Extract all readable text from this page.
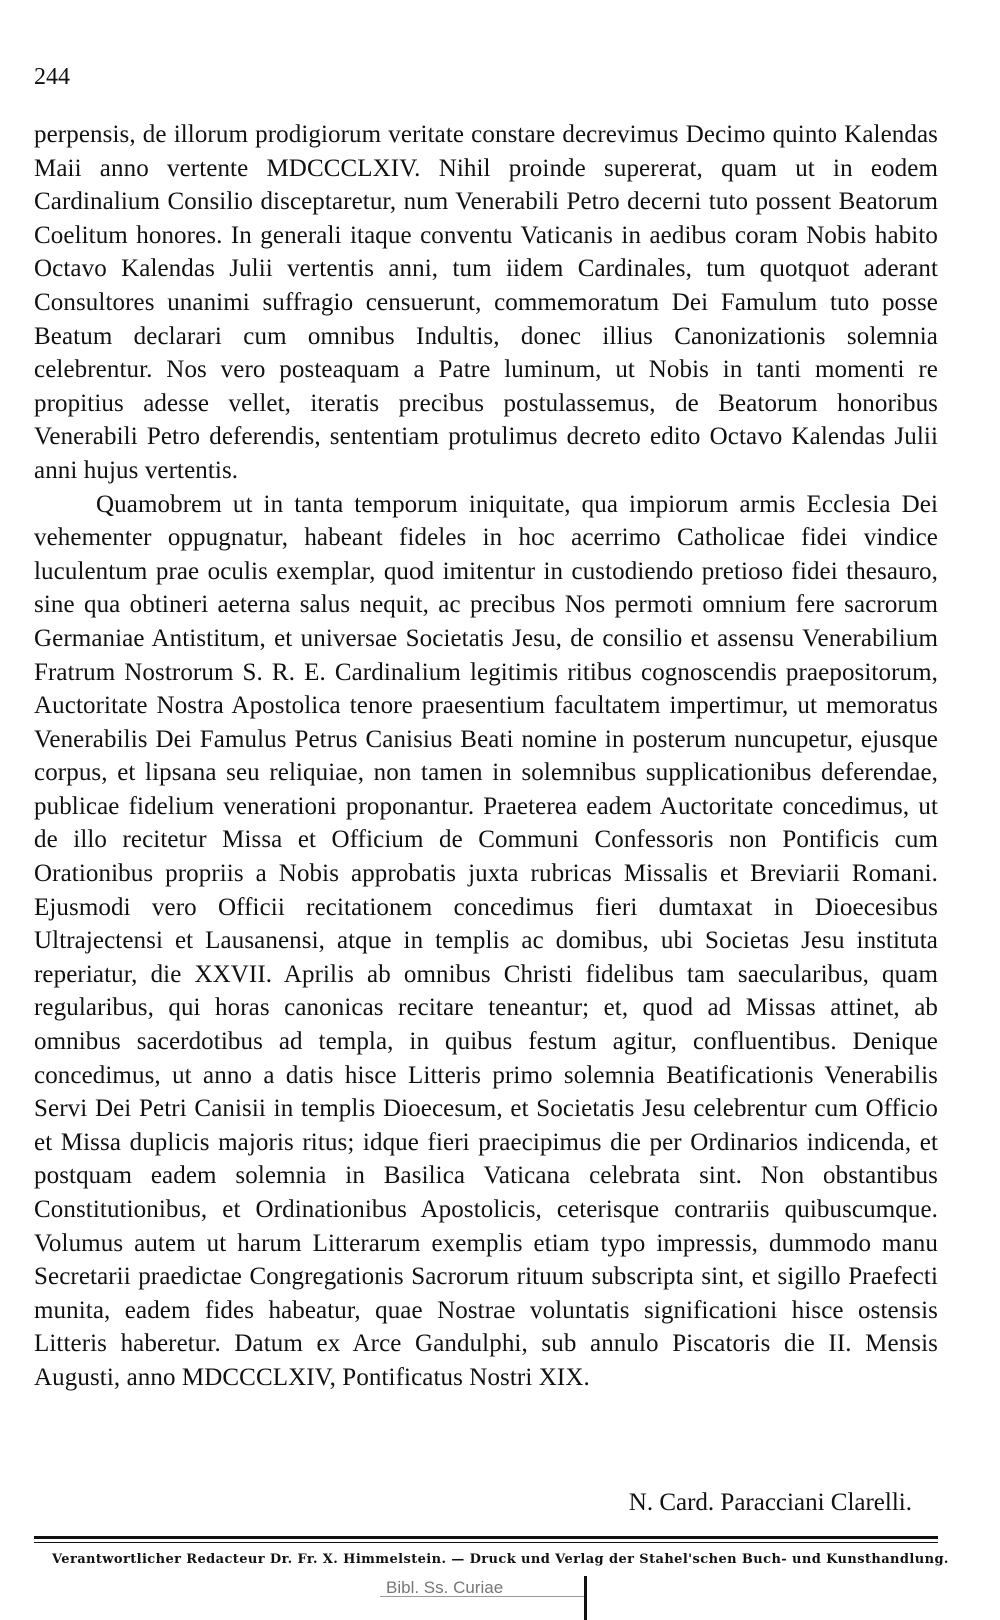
244

perpensis, de illorum prodigiorum veritate constare decrevimus Decimo quinto Kalendas Maii anno vertente MDCCCLXIV. Nihil proinde supererat, quam ut in eodem Cardinalium Consilio disceptaretur, num Venerabili Petro decerni tuto possent Beatorum Coelitum honores. In generali itaque conventu Vaticanis in aedibus coram Nobis habito Octavo Kalendas Julii vertentis anni, tum iidem Cardinales, tum quotquot aderant Consultores unanimi suffragio censuerunt, commemoratum Dei Famulum tuto posse Beatum declarari cum omnibus Indultis, donec illius Canonizationis solemnia celebrentur. Nos vero posteaquam a Patre luminum, ut Nobis in tanti momenti re propitius adesse vellet, iteratis precibus postulassemus, de Beatorum honoribus Venerabili Petro deferendis, sententiam protulimus decreto edito Octavo Kalendas Julii anni hujus vertentis.

Quamobrem ut in tanta temporum iniquitate, qua impiorum armis Ecclesia Dei vehementer oppugnatur, habeant fideles in hoc acerrimo Catholicae fidei vindice luculentum prae oculis exemplar, quod imitentur in custodiendo pretioso fidei thesauro, sine qua obtineri aeterna salus nequit, ac precibus Nos permoti omnium fere sacrorum Germaniae Antistitum, et universae Societatis Jesu, de consilio et assensu Venerabilium Fratrum Nostrorum S. R. E. Cardinalium legitimis ritibus cognoscendis praepositorum, Auctoritate Nostra Apostolica tenore praesentium facultatem impertimur, ut memoratus Venerabilis Dei Famulus Petrus Canisius Beati nomine in posterum nuncupetur, ejusque corpus, et lipsana seu reliquiae, non tamen in solemnibus supplicationibus deferendae, publicae fidelium venerationi proponantur. Praeterea eadem Auctoritate concedimus, ut de illo recitetur Missa et Officium de Communi Confessoris non Pontificis cum Orationibus propriis a Nobis approbatis juxta rubricas Missalis et Breviarii Romani. Ejusmodi vero Officii recitationem concedimus fieri dumtaxat in Dioecesibus Ultrajectensi et Lausanensi, atque in templis ac domibus, ubi Societas Jesu instituta reperiatur, die XXVII. Aprilis ab omnibus Christi fidelibus tam saecularibus, quam regularibus, qui horas canonicas recitare teneantur; et, quod ad Missas attinet, ab omnibus sacerdotibus ad templa, in quibus festum agitur, confluentibus. Denique concedimus, ut anno a datis hisce Litteris primo solemnia Beatificationis Venerabilis Servi Dei Petri Canisii in templis Dioecesum, et Societatis Jesu celebrentur cum Officio et Missa duplicis majoris ritus; idque fieri praecipimus die per Ordinarios indicenda, et postquam eadem solemnia in Basilica Vaticana celebrata sint. Non obstantibus Constitutionibus, et Ordinationibus Apostolicis, ceterisque contrariis quibuscumque. Volumus autem ut harum Litterarum exemplis etiam typo impressis, dummodo manu Secretarii praedictae Congregationis Sacrorum rituum subscripta sint, et sigillo Praefecti munita, eadem fides habeatur, quae Nostrae voluntatis significationi hisce ostensis Litteris haberetur. Datum ex Arce Gandulphi, sub annulo Piscatoris die II. Mensis Augusti, anno MDCCCLXIV, Pontificatus Nostri XIX.

N. Card. Paracciani Clarelli.
Verantwortlicher Redacteur Dr. Fr. X. Himmelstein. — Druck und Verlag der Stahel'schen Buch- und Kunsthandlung.
Bibl. Ss. Curiae
